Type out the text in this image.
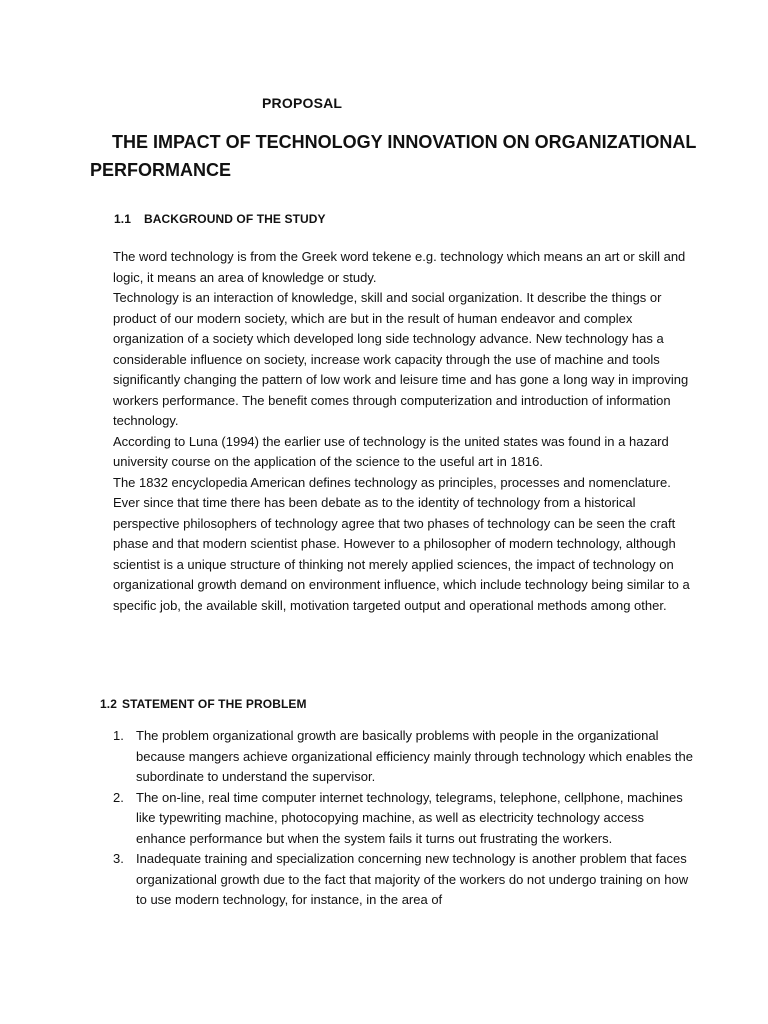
PROPOSAL
THE IMPACT OF TECHNOLOGY INNOVATION ON ORGANIZATIONAL PERFORMANCE
1.1 BACKGROUND OF THE STUDY

The word technology is from the Greek word tekene e.g. technology which means an art or skill and logic, it means an area of knowledge or study.

Technology is an interaction of knowledge, skill and social organization. It describe the things or product of our modern society, which are but in the result of human endeavor and complex organization of a society which developed long side technology advance. New technology has a considerable influence on society, increase work capacity through the use of machine and tools significantly changing the pattern of low work and leisure time and has gone a long way in improving workers performance. The benefit comes through computerization and introduction of information technology.

According to Luna (1994) the earlier use of technology is the united states was found in a hazard university course on the application of the science to the useful art in 1816.

The 1832 encyclopedia American defines technology as principles, processes and nomenclature.

Ever since that time there has been debate as to the identity of technology from a historical perspective philosophers of technology agree that two phases of technology can be seen the craft phase and that modern scientist phase. However to a philosopher of modern technology, although scientist is a unique structure of thinking not merely applied sciences, the impact of technology on organizational growth demand on environment influence, which include technology being similar to a specific job, the available skill, motivation targeted output and operational methods among other.

1.2 STATEMENT OF THE PROBLEM
1. The problem organizational growth are basically problems with people in the organizational because mangers achieve organizational efficiency mainly through technology which enables the subordinate to understand the supervisor.
2. The on-line, real time computer internet technology, telegrams, telephone, cellphone, machines like typewriting machine, photocopying machine, as well as electricity technology access enhance performance but when the system fails it turns out frustrating the workers.
3. Inadequate training and specialization concerning new technology is another problem that faces organizational growth due to the fact that majority of the workers do not undergo training on how to use modern technology, for instance, in the area of
